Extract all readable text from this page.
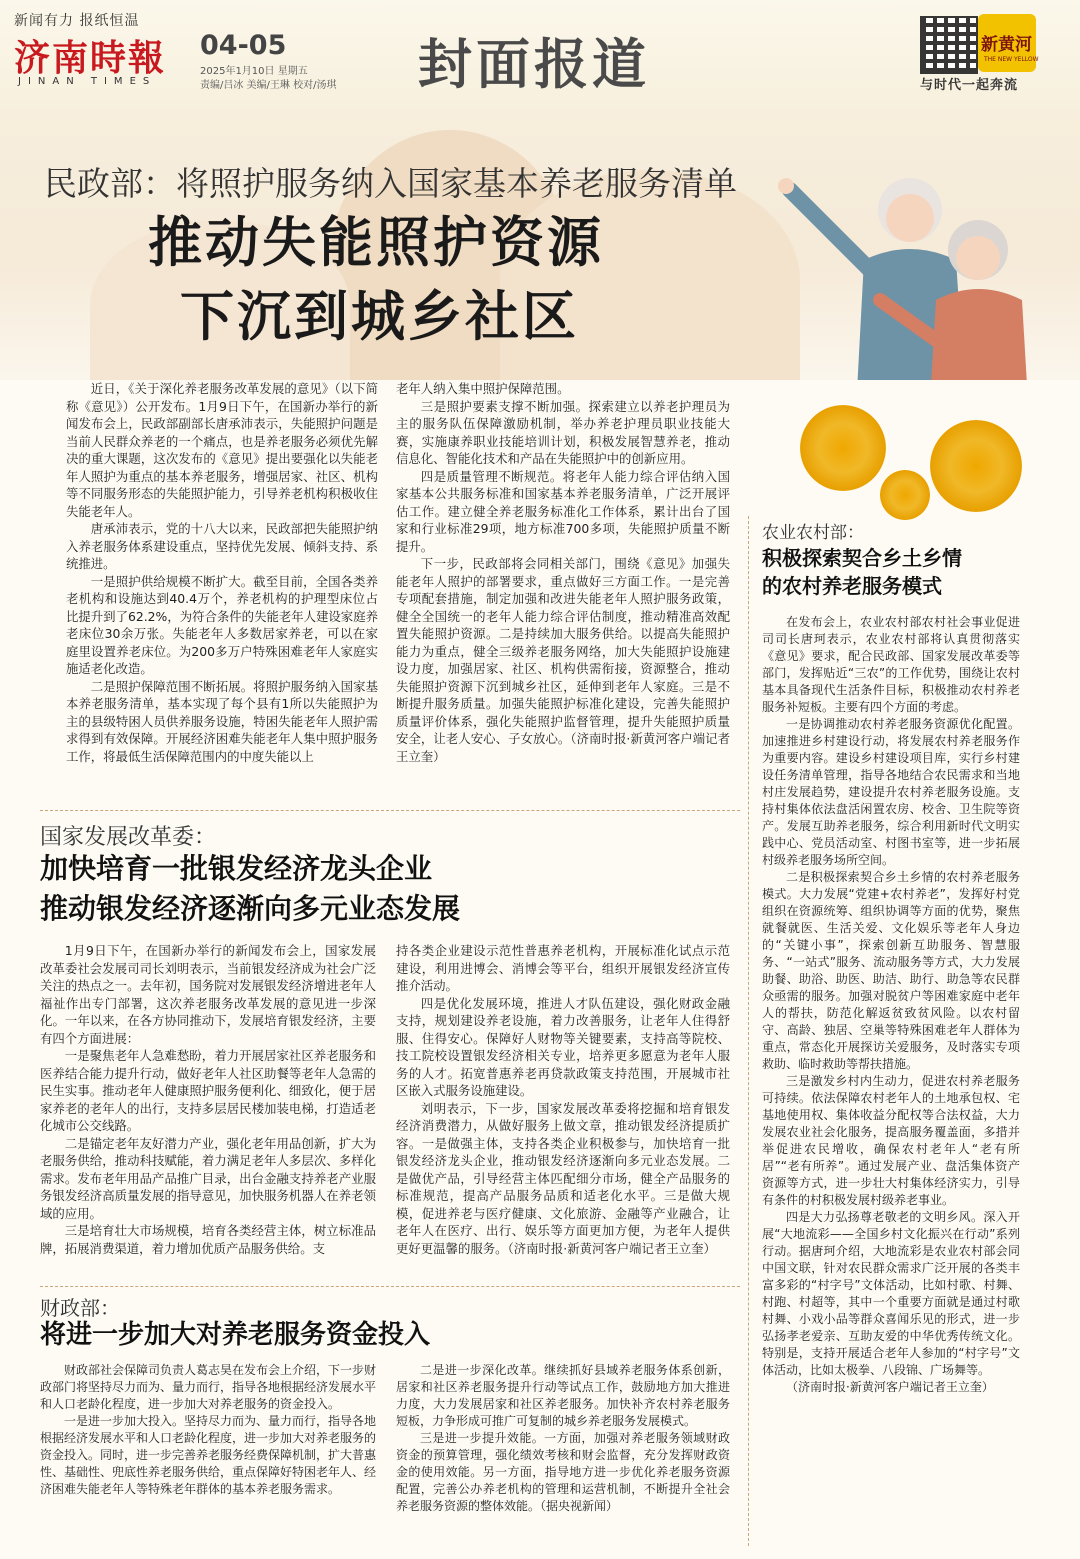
新闻有力 报纸恒温
济南時報
JINAN TIMES
04-05
2025年1月10日 星期五
责编/吕冰 美编/王琳 校对/汤琪 封面报道	新黄河
THE NEW YELLOW
与时代一起奔流
民政部：将照护服务纳入国家基本养老服务清单
推动失能照护资源
下沉到城乡社区

近日，《关于深化养老服务改革发展的意见》（以下简称《意见》）公开发布。1月9日下午，在国新办举行的新闻发布会上，民政部副部长唐承沛表示，失能照护问题是当前人民群众养老的一个痛点，也是养老服务必须优先解决的重大课题，这次发布的《意见》提出要强化以失能老年人照护为重点的基本养老服务，增强居家、社区、机构等不同服务形态的失能照护能力，引导养老机构积极收住失能老年人。

唐承沛表示，党的十八大以来，民政部把失能照护纳入养老服务体系建设重点，坚持优先发展、倾斜支持、系统推进。

一是照护供给规模不断扩大。截至目前，全国各类养老机构和设施达到40.4万个，养老机构的护理型床位占比提升到了62.2%，为符合条件的失能老年人建设家庭养老床位30余万张。失能老年人多数居家养老，可以在家庭里设置养老床位。为200多万户特殊困难老年人家庭实施适老化改造。

二是照护保障范围不断拓展。将照护服务纳入国家基本养老服务清单，基本实现了每个县有1所以失能照护为主的县级特困人员供养服务设施，特困失能老年人照护需求得到有效保障。开展经济困难失能老年人集中照护服务工作，将最低生活保障范围内的中度失能以上

老年人纳入集中照护保障范围。

三是照护要素支撑不断加强。探索建立以养老护理员为主的服务队伍保障激励机制，举办养老护理员职业技能大赛，实施康养职业技能培训计划，积极发展智慧养老，推动信息化、智能化技术和产品在失能照护中的创新应用。

四是质量管理不断规范。将老年人能力综合评估纳入国家基本公共服务标准和国家基本养老服务清单，广泛开展评估工作。建立健全养老服务标准化工作体系，累计出台了国家和行业标准29项，地方标准700多项，失能照护质量不断提升。

下一步，民政部将会同相关部门，围绕《意见》加强失能老年人照护的部署要求，重点做好三方面工作。一是完善专项配套措施，制定加强和改进失能老年人照护服务政策，健全全国统一的老年人能力综合评估制度，推动精准高效配置失能照护资源。二是持续加大服务供给。以提高失能照护能力为重点，健全三级养老服务网络，加大失能照护设施建设力度，加强居家、社区、机构供需衔接，资源整合，推动失能照护资源下沉到城乡社区，延伸到老年人家庭。三是不断提升服务质量。加强失能照护标准化建设，完善失能照护质量评价体系，强化失能照护监督管理，提升失能照护质量安全，让老人安心、子女放心。（济南时报·新黄河客户端记者王立奎）

国家发展改革委：
加快培育一批银发经济龙头企业
推动银发经济逐渐向多元业态发展

1月9日下午，在国新办举行的新闻发布会上，国家发展改革委社会发展司司长刘明表示，当前银发经济成为社会广泛关注的热点之一。去年初，国务院对发展银发经济增进老年人福祉作出专门部署，这次养老服务改革发展的意见进一步深化。一年以来，在各方协同推动下，发展培育银发经济，主要有四个方面进展：

一是聚焦老年人急难愁盼，着力开展居家社区养老服务和医养结合能力提升行动，做好老年人社区助餐等老年人急需的民生实事。推动老年人健康照护服务便利化、细致化，便于居家养老的老年人的出行，支持多层居民楼加装电梯，打造适老化城市公交线路。

二是锚定老年友好潜力产业，强化老年用品创新，扩大为老服务供给，推动科技赋能，着力满足老年人多层次、多样化需求。发布老年用品产品推广目录，出台金融支持养老产业服务银发经济高质量发展的指导意见，加快服务机器人在养老领域的应用。

三是培育壮大市场规模，培育各类经营主体，树立标准品牌，拓展消费渠道，着力增加优质产品服务供给。支

持各类企业建设示范性普惠养老机构，开展标准化试点示范建设，利用进博会、消博会等平台，组织开展银发经济宣传推介活动。

四是优化发展环境，推进人才队伍建设，强化财政金融支持，规划建设养老设施，着力改善服务，让老年人住得舒服、住得安心。保障好人财物等关键要素，支持高等院校、技工院校设置银发经济相关专业，培养更多愿意为老年人服务的人才。拓宽普惠养老再贷款政策支持范围，开展城市社区嵌入式服务设施建设。

刘明表示，下一步，国家发展改革委将挖掘和培育银发经济消费潜力，从做好服务上做文章，推动银发经济提质扩容。一是做强主体，支持各类企业积极参与，加快培育一批银发经济龙头企业，推动银发经济逐渐向多元业态发展。二是做优产品，引导经营主体匹配细分市场，健全产品服务的标准规范，提高产品服务品质和适老化水平。三是做大规模，促进养老与医疗健康、文化旅游、金融等产业融合，让老年人在医疗、出行、娱乐等方面更加方便，为老年人提供更好更温馨的服务。（济南时报·新黄河客户端记者王立奎）

财政部：
将进一步加大对养老服务资金投入

财政部社会保障司负责人葛志昊在发布会上介绍，下一步财政部门将坚持尽力而为、量力而行，指导各地根据经济发展水平和人口老龄化程度，进一步加大对养老服务的资金投入。

一是进一步加大投入。坚持尽力而为、量力而行，指导各地根据经济发展水平和人口老龄化程度，进一步加大对养老服务的资金投入。同时，进一步完善养老服务经费保障机制，扩大普惠性、基础性、兜底性养老服务供给，重点保障好特困老年人、经济困难失能老年人等特殊老年群体的基本养老服务需求。

二是进一步深化改革。继续抓好县域养老服务体系创新，居家和社区养老服务提升行动等试点工作，鼓励地方加大推进力度，大力发展居家和社区养老服务。加快补齐农村养老服务短板，力争形成可推广可复制的城乡养老服务发展模式。

三是进一步提升效能。一方面，加强对养老服务领域财政资金的预算管理，强化绩效考核和财会监督，充分发挥财政资金的使用效能。另一方面，指导地方进一步优化养老服务资源配置，完善公办养老机构的管理和运营机制，不断提升全社会养老服务资源的整体效能。（据央视新闻）

农业农村部：
积极探索契合乡土乡情
的农村养老服务模式

在发布会上，农业农村部农村社会事业促进司司长唐珂表示，农业农村部将认真贯彻落实《意见》要求，配合民政部、国家发展改革委等部门，发挥贴近“三农”的工作优势，围绕让农村基本具备现代生活条件目标，积极推动农村养老服务补短板。主要有四个方面的考虑。

一是协调推动农村养老服务资源优化配置。加速推进乡村建设行动，将发展农村养老服务作为重要内容。建设乡村建设项目库，实行乡村建设任务清单管理，指导各地结合农民需求和当地村庄发展趋势，建设提升农村养老服务设施。支持村集体依法盘活闲置农房、校舍、卫生院等资产。发展互助养老服务，综合利用新时代文明实践中心、党员活动室、村图书室等，进一步拓展村级养老服务场所空间。

二是积极探索契合乡土乡情的农村养老服务模式。大力发展“党建+农村养老”，发挥好村党组织在资源统筹、组织协调等方面的优势，聚焦就餐就医、生活关爱、文化娱乐等老年人身边的“关键小事”，探索创新互助服务、智慧服务、“一站式”服务、流动服务等方式，大力发展助餐、助浴、助医、助洁、助行、助急等农民群众亟需的服务。加强对脱贫户等困难家庭中老年人的帮扶，防范化解返贫致贫风险。以农村留守、高龄、独居、空巢等特殊困难老年人群体为重点，常态化开展探访关爱服务，及时落实专项救助、临时救助等帮扶措施。

三是激发乡村内生动力，促进农村养老服务可持续。依法保障农村老年人的土地承包权、宅基地使用权、集体收益分配权等合法权益，大力发展农业社会化服务，提高服务覆盖面，多措并举促进农民增收，确保农村老年人“老有所居”“老有所养”。通过发展产业、盘活集体资产资源等方式，进一步壮大村集体经济实力，引导有条件的村积极发展村级养老事业。

四是大力弘扬尊老敬老的文明乡风。深入开展“大地流彩——全国乡村文化振兴在行动”系列行动。据唐珂介绍，大地流彩是农业农村部会同中国文联，针对农民群众需求广泛开展的各类丰富多彩的“村字号”文体活动，比如村歌、村舞、村跑、村超等，其中一个重要方面就是通过村歌村舞、小戏小品等群众喜闻乐见的形式，进一步弘扬孝老爱亲、互助友爱的中华优秀传统文化。特别是，支持开展适合老年人参加的“村字号”文体活动，比如太极拳、八段锦、广场舞等。

（济南时报·新黄河客户端记者王立奎）
